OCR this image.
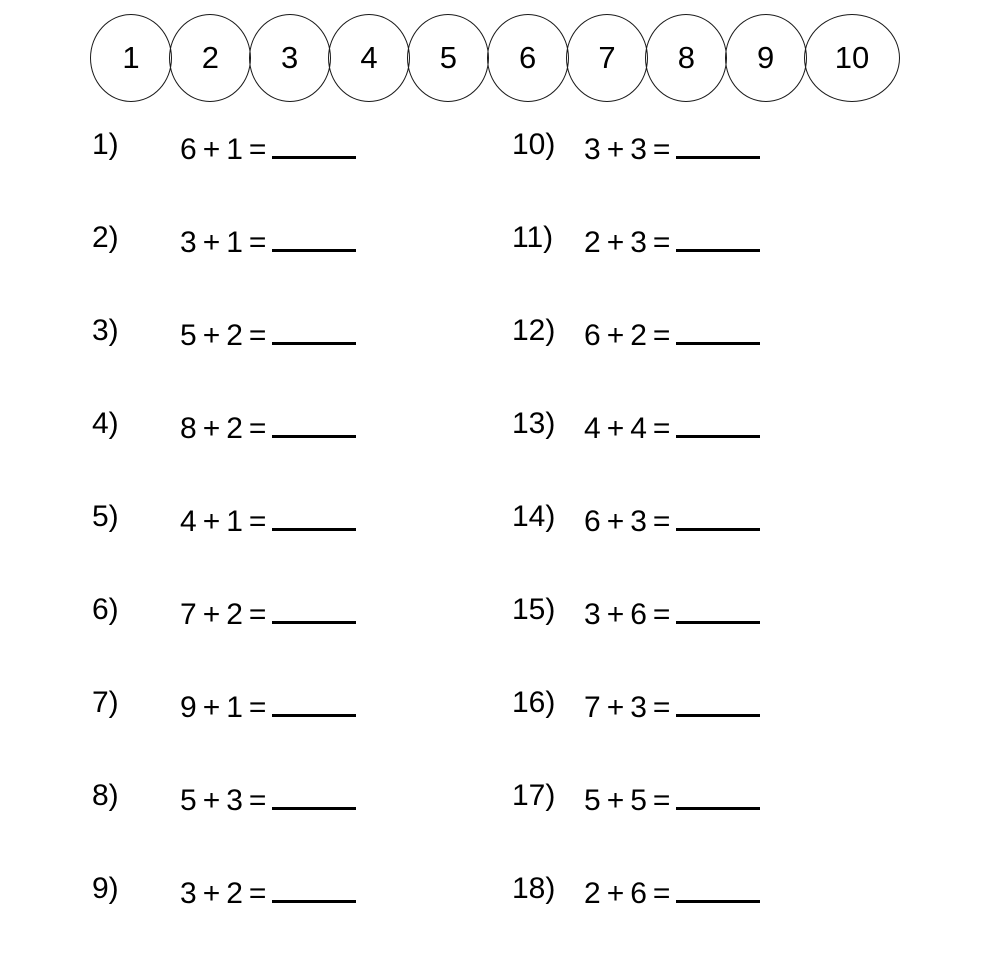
1 2 3 4 5 6 7 8 9 10
1)	6 + 1 =
2)	3 + 1 =
3)	5 + 2 =
4)	8 + 2 =
5)	4 + 1 =
6)	7 + 2 =
7)	9 + 1 =
8)	5 + 3 =
9)	3 + 2 =
10) 3 + 3 =
11)	2 + 3 =
12) 6 + 2 =
13) 4 + 4 =
14) 6 + 3 =
15) 3 + 6 =
16) 7 + 3 =
17) 5 + 5 =
18) 2 + 6 =
